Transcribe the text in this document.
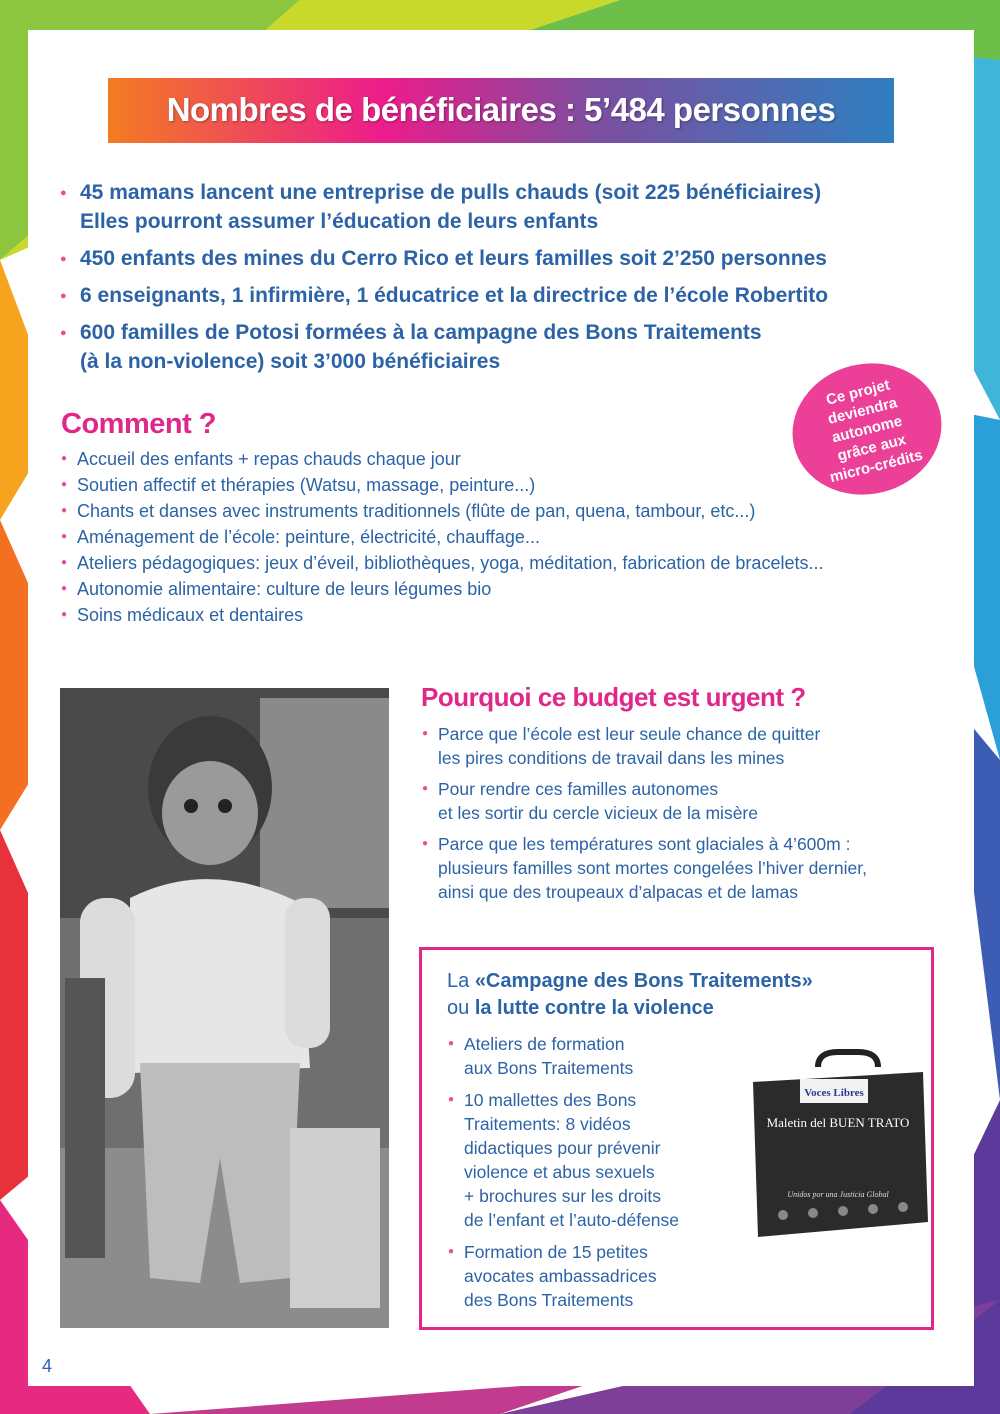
Nombres de bénéficiaires : 5’484 personnes
● 45 mamans lancent une entreprise de pulls chauds (soit 225 bénéficiaires)
Elles pourront assumer l’éducation de leurs enfants
● 450 enfants des mines du Cerro Rico et leurs familles soit 2’250 personnes
● 6 enseignants, 1 infirmière, 1 éducatrice et la directrice de l’école Robertito
● 600 familles de Potosi formées à la campagne des Bons Traitements
(à la non-violence) soit 3’000 bénéficiaires
Ce projet deviendra autonome grâce aux micro-crédits
Comment ?
● Accueil des enfants + repas chauds chaque jour
● Soutien affectif et thérapies (Watsu, massage, peinture...)
● Chants et danses avec instruments traditionnels (flûte de pan, quena, tambour, etc...)
● Aménagement de l’école: peinture, électricité, chauffage...
● Ateliers pédagogiques: jeux d’éveil, bibliothèques, yoga, méditation, fabrication de bracelets...
● Autonomie alimentaire: culture de leurs légumes bio
● Soins médicaux et dentaires
Pourquoi ce budget est urgent ?
● Parce que l’école est leur seule chance de quitter
les pires conditions de travail dans les mines
● Pour rendre ces familles autonomes
et les sortir du cercle vicieux de la misère
● Parce que les températures sont glaciales à 4’600m :
plusieurs familles sont mortes congelées l’hiver dernier,
ainsi que des troupeaux d’alpacas et de lamas
La «Campagne des Bons Traitements»
ou la lutte contre la violence
● Ateliers de formation
aux Bons Traitements
● 10 mallettes des Bons
Traitements: 8 vidéos
didactiques pour prévenir
violence et abus sexuels
+ brochures sur les droits
de l’enfant et l’auto-défense
● Formation de 15 petites
avocates ambassadrices
des Bons Traitements
Voces Libres
Maletin del BUEN TRATO
Unidos por una Justicia Global
4
